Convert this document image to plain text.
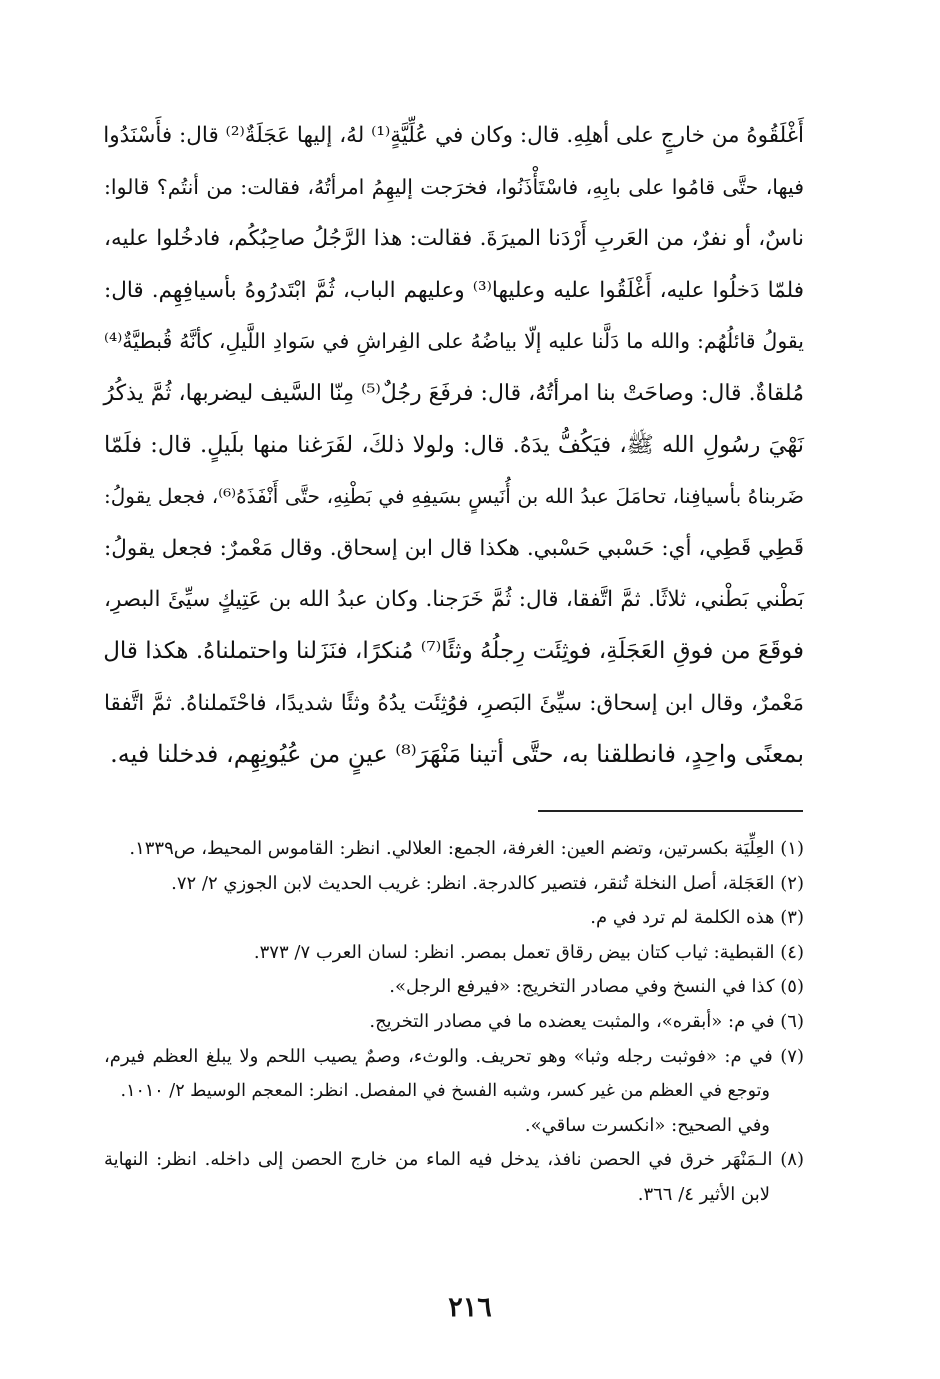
أَغْلَقُوهُ من خارجٍ على أهلِهِ. قال: وكان في عُلِّيَّةٍ⁽¹⁾ لهُ، إليها عَجَلَةٌ⁽²⁾ قال: فأَسْنَدُوا
فيها، حتَّى قامُوا على بابِهِ، فاسْتَأْذَنُوا، فخرَجت إليهِمُ امرأتُهُ، فقالت: من أنتُم؟ قالوا:
ناسٌ، أو نفرٌ، من العَربِ أَرْدَنا الميرَةَ. فقالت: هذا الرَّجُلُ صاحِبُكُم، فادخُلوا عليه،
فلمّا دَخلُوا عليه، أَغْلَقُوا عليه وعليها⁽³⁾ وعليهم الباب، ثُمَّ ابْتَدرُوهُ بأسيافِهِم. قال:
يقولُ قائلُهُم: والله ما دَلَّنا عليه إلّا بياضُهُ على الفِراشِ في سَوادِ اللَّيلِ، كأنَّهُ قُبطيَّةٌ⁽⁴⁾
مُلقاةٌ. قال: وصاحَتْ بنا امرأتُهُ، قال: فرفَعَ رجُلٌ⁽⁵⁾ مِنّا السَّيف ليضربها، ثُمَّ يذكُرُ
نَهْيَ رسُولِ الله ﷺ، فيَكُفُّ يدَهُ. قال: ولولا ذلكَ، لفَرَغنا منها بلَيلٍ. قال: فلَمّا
ضَربناهُ بأسيافِنا، تحامَلَ عبدُ الله بن أُنَيسٍ بسَيفِهِ في بَطْنِهِ، حتَّى أَنْفَذَهُ⁽⁶⁾، فجعل يقولُ:
قَطِي قَطِي، أي: حَسْبي حَسْبي. هكذا قال ابن إسحاق. وقال مَعْمرٌ: فجعل يقولُ:
بَطْني بَطْني، ثلاثًا. ثمَّ اتَّفقا، قال: ثُمَّ خَرَجنا. وكان عبدُ الله بن عَتِيكٍ سيِّئَ البصرِ،
فوقَعَ من فوقِ العَجَلَةِ، فوثِئَت رِجلُهُ وثئًا⁽⁷⁾ مُنكرًا، فنَزَلنا واحتملناهُ. هكذا قال
مَعْمرٌ، وقال ابن إسحاق: سيِّئَ البَصرِ، فوُثِئَت يدُهُ وثئًا شديدًا، فاحْتَملناهُ. ثمَّ اتَّفقا
بمعنًى واحِدٍ، فانطلقنا به، حتَّى أتينا مَنْهَرَ⁽⁸⁾ عينٍ من عُيُونِهِم، فدخلنا فيه.
(١) العِلِّيَة بكسرتين، وتضم العين: الغرفة، الجمع: العلالي. انظر: القاموس المحيط، ص١٣٣٩.
(٢) العَجَلة، أصل النخلة تُنقر، فتصير كالدرجة. انظر: غريب الحديث لابن الجوزي ٢/ ٧٢.
(٣) هذه الكلمة لم ترد في م.
(٤) القبطية: ثياب كتان بيض رقاق تعمل بمصر. انظر: لسان العرب ٧/ ٣٧٣.
(٥) كذا في النسخ وفي مصادر التخريج: «فيرفع الرجل».
(٦) في م: «أبقره»، والمثبت يعضده ما في مصادر التخريج.
(٧) في م: «فوثبت رجله وثبا» وهو تحريف. والوثء، وصمٌ يصيب اللحم ولا يبلغ العظم فيرم،
وتوجع في العظم من غير كسر، وشبه الفسخ في المفصل. انظر: المعجم الوسيط ٢/ ١٠١٠.
وفي الصحيح: «انكسرت ساقي».
(٨) الـمَنْهَر خرق في الحصن نافذ، يدخل فيه الماء من خارج الحصن إلى داخله. انظر: النهاية
لابن الأثير ٤/ ٣٦٦.
٢١٦
